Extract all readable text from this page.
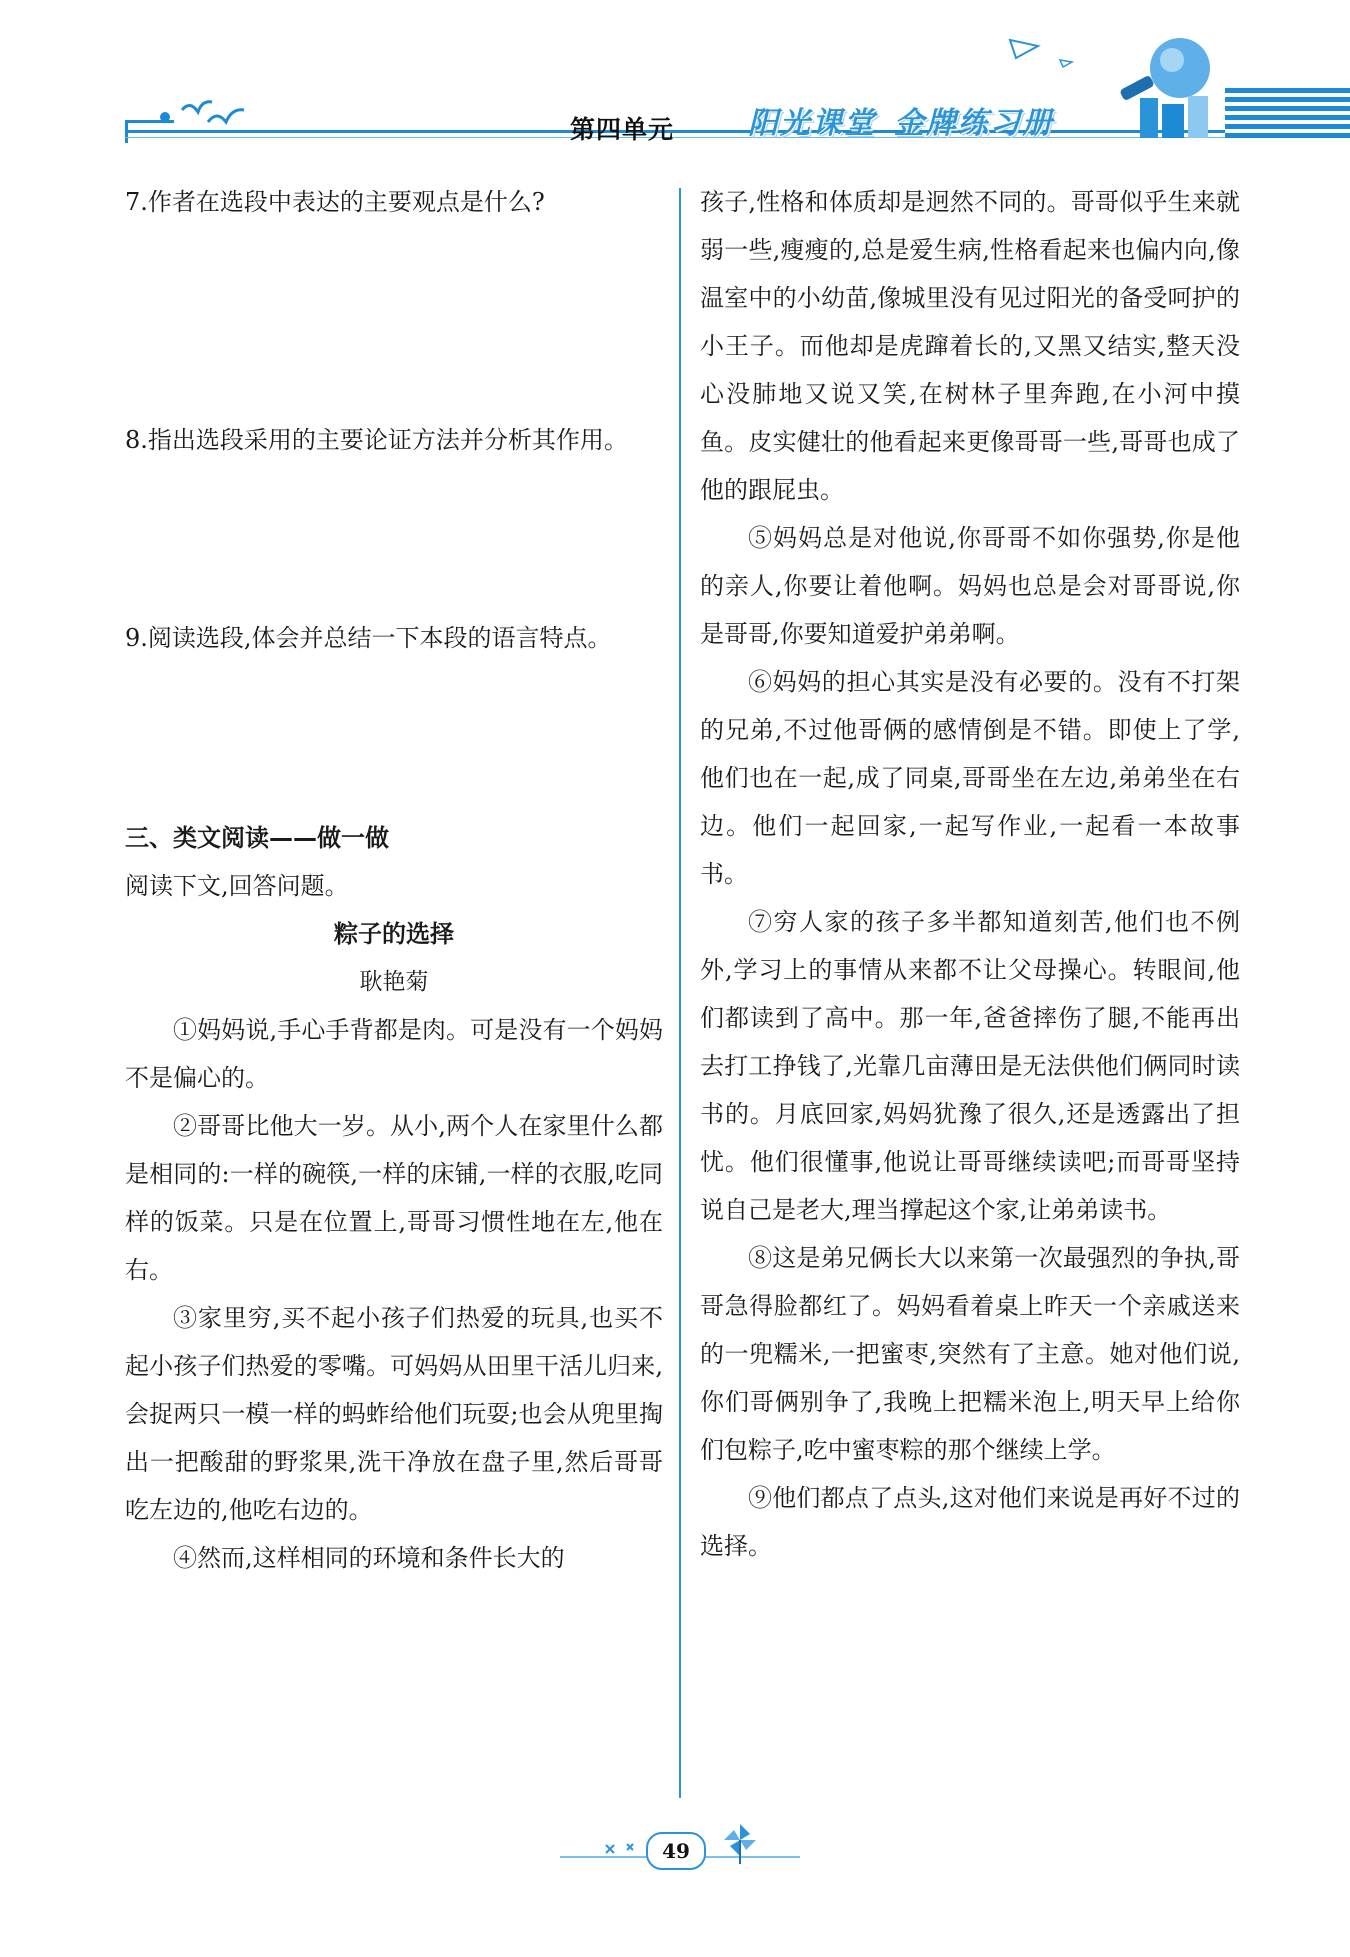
第四单元 阳光课堂 金牌练习册

7.作者在选段中表达的主要观点是什么?

8.指出选段采用的主要论证方法并分析其作用。

9.阅读选段,体会并总结一下本段的语言特点。

三、类文阅读——做一做

阅读下文,回答问题。

粽子的选择

耿艳菊

①妈妈说,手心手背都是肉。可是没有一个妈妈不是偏心的。

②哥哥比他大一岁。从小,两个人在家里什么都是相同的:一样的碗筷,一样的床铺,一样的衣服,吃同样的饭菜。只是在位置上,哥哥习惯性地在左,他在右。

③家里穷,买不起小孩子们热爱的玩具,也买不起小孩子们热爱的零嘴。可妈妈从田里干活儿归来,会捉两只一模一样的蚂蚱给他们玩耍;也会从兜里掏出一把酸甜的野浆果,洗干净放在盘子里,然后哥哥吃左边的,他吃右边的。

④然而,这样相同的环境和条件长大的

孩子,性格和体质却是迥然不同的。哥哥似乎生来就弱一些,瘦瘦的,总是爱生病,性格看起来也偏内向,像温室中的小幼苗,像城里没有见过阳光的备受呵护的小王子。而他却是虎蹿着长的,又黑又结实,整天没心没肺地又说又笑,在树林子里奔跑,在小河中摸鱼。皮实健壮的他看起来更像哥哥一些,哥哥也成了他的跟屁虫。

⑤妈妈总是对他说,你哥哥不如你强势,你是他的亲人,你要让着他啊。妈妈也总是会对哥哥说,你是哥哥,你要知道爱护弟弟啊。

⑥妈妈的担心其实是没有必要的。没有不打架的兄弟,不过他哥俩的感情倒是不错。即使上了学,他们也在一起,成了同桌,哥哥坐在左边,弟弟坐在右边。他们一起回家,一起写作业,一起看一本故事书。

⑦穷人家的孩子多半都知道刻苦,他们也不例外,学习上的事情从来都不让父母操心。转眼间,他们都读到了高中。那一年,爸爸摔伤了腿,不能再出去打工挣钱了,光靠几亩薄田是无法供他们俩同时读书的。月底回家,妈妈犹豫了很久,还是透露出了担忧。他们很懂事,他说让哥哥继续读吧;而哥哥坚持说自己是老大,理当撑起这个家,让弟弟读书。

⑧这是弟兄俩长大以来第一次最强烈的争执,哥哥急得脸都红了。妈妈看着桌上昨天一个亲戚送来的一兜糯米,一把蜜枣,突然有了主意。她对他们说,你们哥俩别争了,我晚上把糯米泡上,明天早上给你们包粽子,吃中蜜枣粽的那个继续上学。

⑨他们都点了点头,这对他们来说是再好不过的选择。

49
